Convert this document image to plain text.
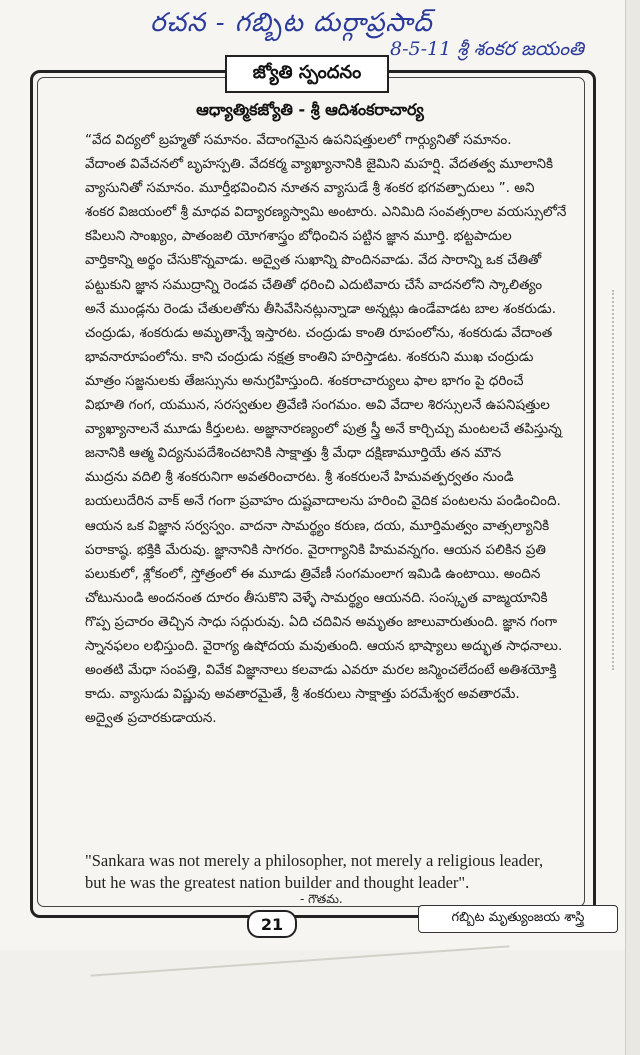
రచన - గబ్బిట దుర్గాప్రసాద్
8-5-11 శ్రీ శంకర జయంతి
జ్యోతి స్పందనం
ఆధ్యాత్మికజ్యోతి - శ్రీ ఆదిశంకరాచార్య
“వేద విద్యలో బ్రహ్మతో సమానం. వేదాంగమైన ఉపనిషత్తులలో గార్గ్యునితో సమానం.
వేదాంత వివేచనలో బృహస్పతి. వేదకర్మ వ్యాఖ్యానానికి జైమిని మహర్షి. వేదతత్వ మూలానికి
వ్యాసునితో సమానం. మూర్తీభవించిన నూతన వ్యాసుడే శ్రీ శంకర భగవత్పాదులు ”. అని
శంకర విజయంలో శ్రీ మాధవ విద్యారణ్యస్వామి అంటారు. ఎనిమిది సంవత్సరాల వయస్సులోనే
కపిలుని సాంఖ్యం, పాతంజలి యోగశాస్త్రం బోధించిన పట్టిన జ్ఞాన మూర్తి. భట్టపాదుల
వార్తికాన్ని అర్థం చేసుకొన్నవాడు. అద్వైత సుఖాన్ని పొందినవాడు. వేద సారాన్ని ఒక చేతితో
పట్టుకుని జ్ఞాన సముద్రాన్ని రెండవ చేతితో ధరించి ఎదుటివారు చేసే వాదనలోని స్కాలిత్యం
అనే ముండ్లను రెండు చేతులతోను తీసివేసినట్లున్నాడా అన్నట్లు ఉండేవాడట బాల శంకరుడు.
చంద్రుడు, శంకరుడు అమృతాన్నే ఇస్తారట. చంద్రుడు కాంతి రూపంలోను, శంకరుడు వేదాంత
భావనారూపంలోను. కాని చంద్రుడు నక్షత్ర కాంతిని హరిస్తాడట. శంకరుని ముఖ చంద్రుడు
మాత్రం సజ్జనులకు తేజస్సును అనుగ్రహిస్తుంది. శంకరాచార్యులు ఫాల భాగం పై ధరించే
విభూతి గంగ, యమున, సరస్వతుల త్రివేణి సంగమం. అవి వేదాల శిరస్సులనే ఉపనిషత్తుల
వ్యాఖ్యానాలనే మూడు కీర్తులట. అజ్ఞానారణ్యంలో పుత్ర స్త్రీ అనే కార్చిచ్చు మంటలచే తపిస్తున్న
జనానికి ఆత్మ విద్యనుపదేశించటానికి సాక్షాత్తు శ్రీ మేధా దక్షిణామూర్తియే తన మౌన
ముద్రను వదిలి శ్రీ శంకరునిగా అవతరించారట. శ్రీ శంకరులనే హిమవత్పర్వతం నుండి
బయలుదేరిన వాక్ అనే గంగా ప్రవాహం దుష్టవాదాలను హరించి వైదిక పంటలను పండించింది.
ఆయన ఒక విజ్ఞాన సర్వస్వం. వాదనా సామర్థ్యం కరుణ, దయ, మూర్తిమత్వం వాత్సల్యానికి
పరాకాష్ఠ. భక్తికి మేరువు. జ్ఞానానికి సాగరం. వైరాగ్యానికి హిమవన్నగం. ఆయన పలికిన ప్రతి
పలుకులో, శ్లోకంలో, స్తోత్రంలో ఈ మూడు త్రివేణీ సంగమంలాగ ఇమిడి ఉంటాయి. అందిన
చోటునుండి అందనంత దూరం తీసుకొని వెళ్ళే సామర్థ్యం ఆయనది. సంస్కృత వాఙ్మయానికి
గొప్ప ప్రచారం తెచ్చిన సాధు సద్గురువు. ఏది చదివిన అమృతం జాలువారుతుంది. జ్ఞాన గంగా
స్నానఫలం లభిస్తుంది. వైరాగ్య ఉషోదయ మవుతుంది. ఆయన భాష్యాలు అద్భుత సాధనాలు.
అంతటి మేధా సంపత్తి, వివేక విజ్ఞానాలు కలవాడు ఎవరూ మరల జన్మించలేదంటే అతిశయోక్తి
కాదు. వ్యాసుడు విష్ణువు అవతారమైతే, శ్రీ శంకరులు సాక్షాత్తు పరమేశ్వర అవతారమే.
అద్వైత ప్రచారకుడాయన.
"Sankara was not merely a philosopher, not merely a religious leader,
but he was the greatest nation builder and thought leader".
- గౌతమ.
21	గబ్బిట మృత్యుంజయ శాస్త్రి
